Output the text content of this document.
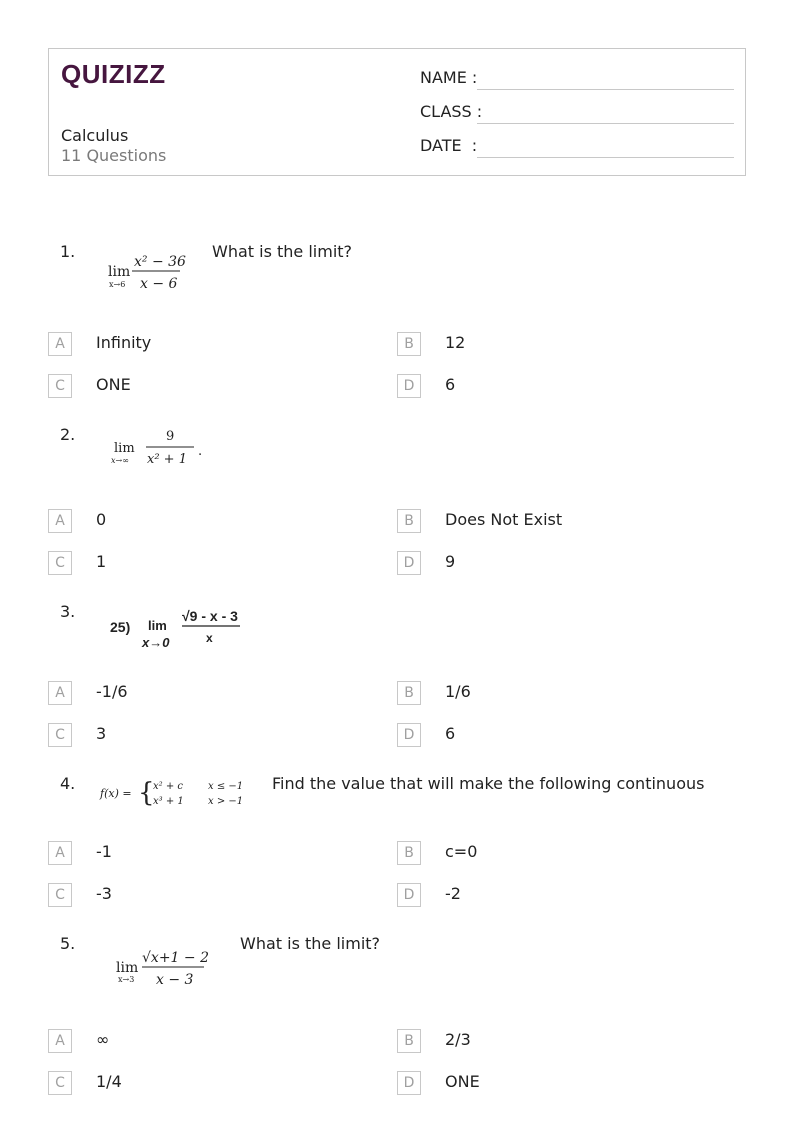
QUIZIZZ
Calculus
11 Questions
NAME :
CLASS :
DATE  :
1.
lim
x→6
x² − 36
x − 6
What is the limit?
A	Infinity	B	12
C	ONE	D	6
2.
lim
x→∞
9
x² + 1
.
A	0	B	Does Not Exist
C	1	D	9
3.
25) lim
x→0
√9 - x - 3
x
A	-1/6	B	1/6
C	3	D	6
4.
f(x) = {
x² + c	x ≤ −1
x³ + 1 x > −1
Find the value that will make the following continuous
A	-1	B	c=0
C	-3	D	-2
5.
lim
x→3
√x+1 − 2
x − 3
What is the limit?
A	∞	B	2/3
C	1/4	D	ONE
